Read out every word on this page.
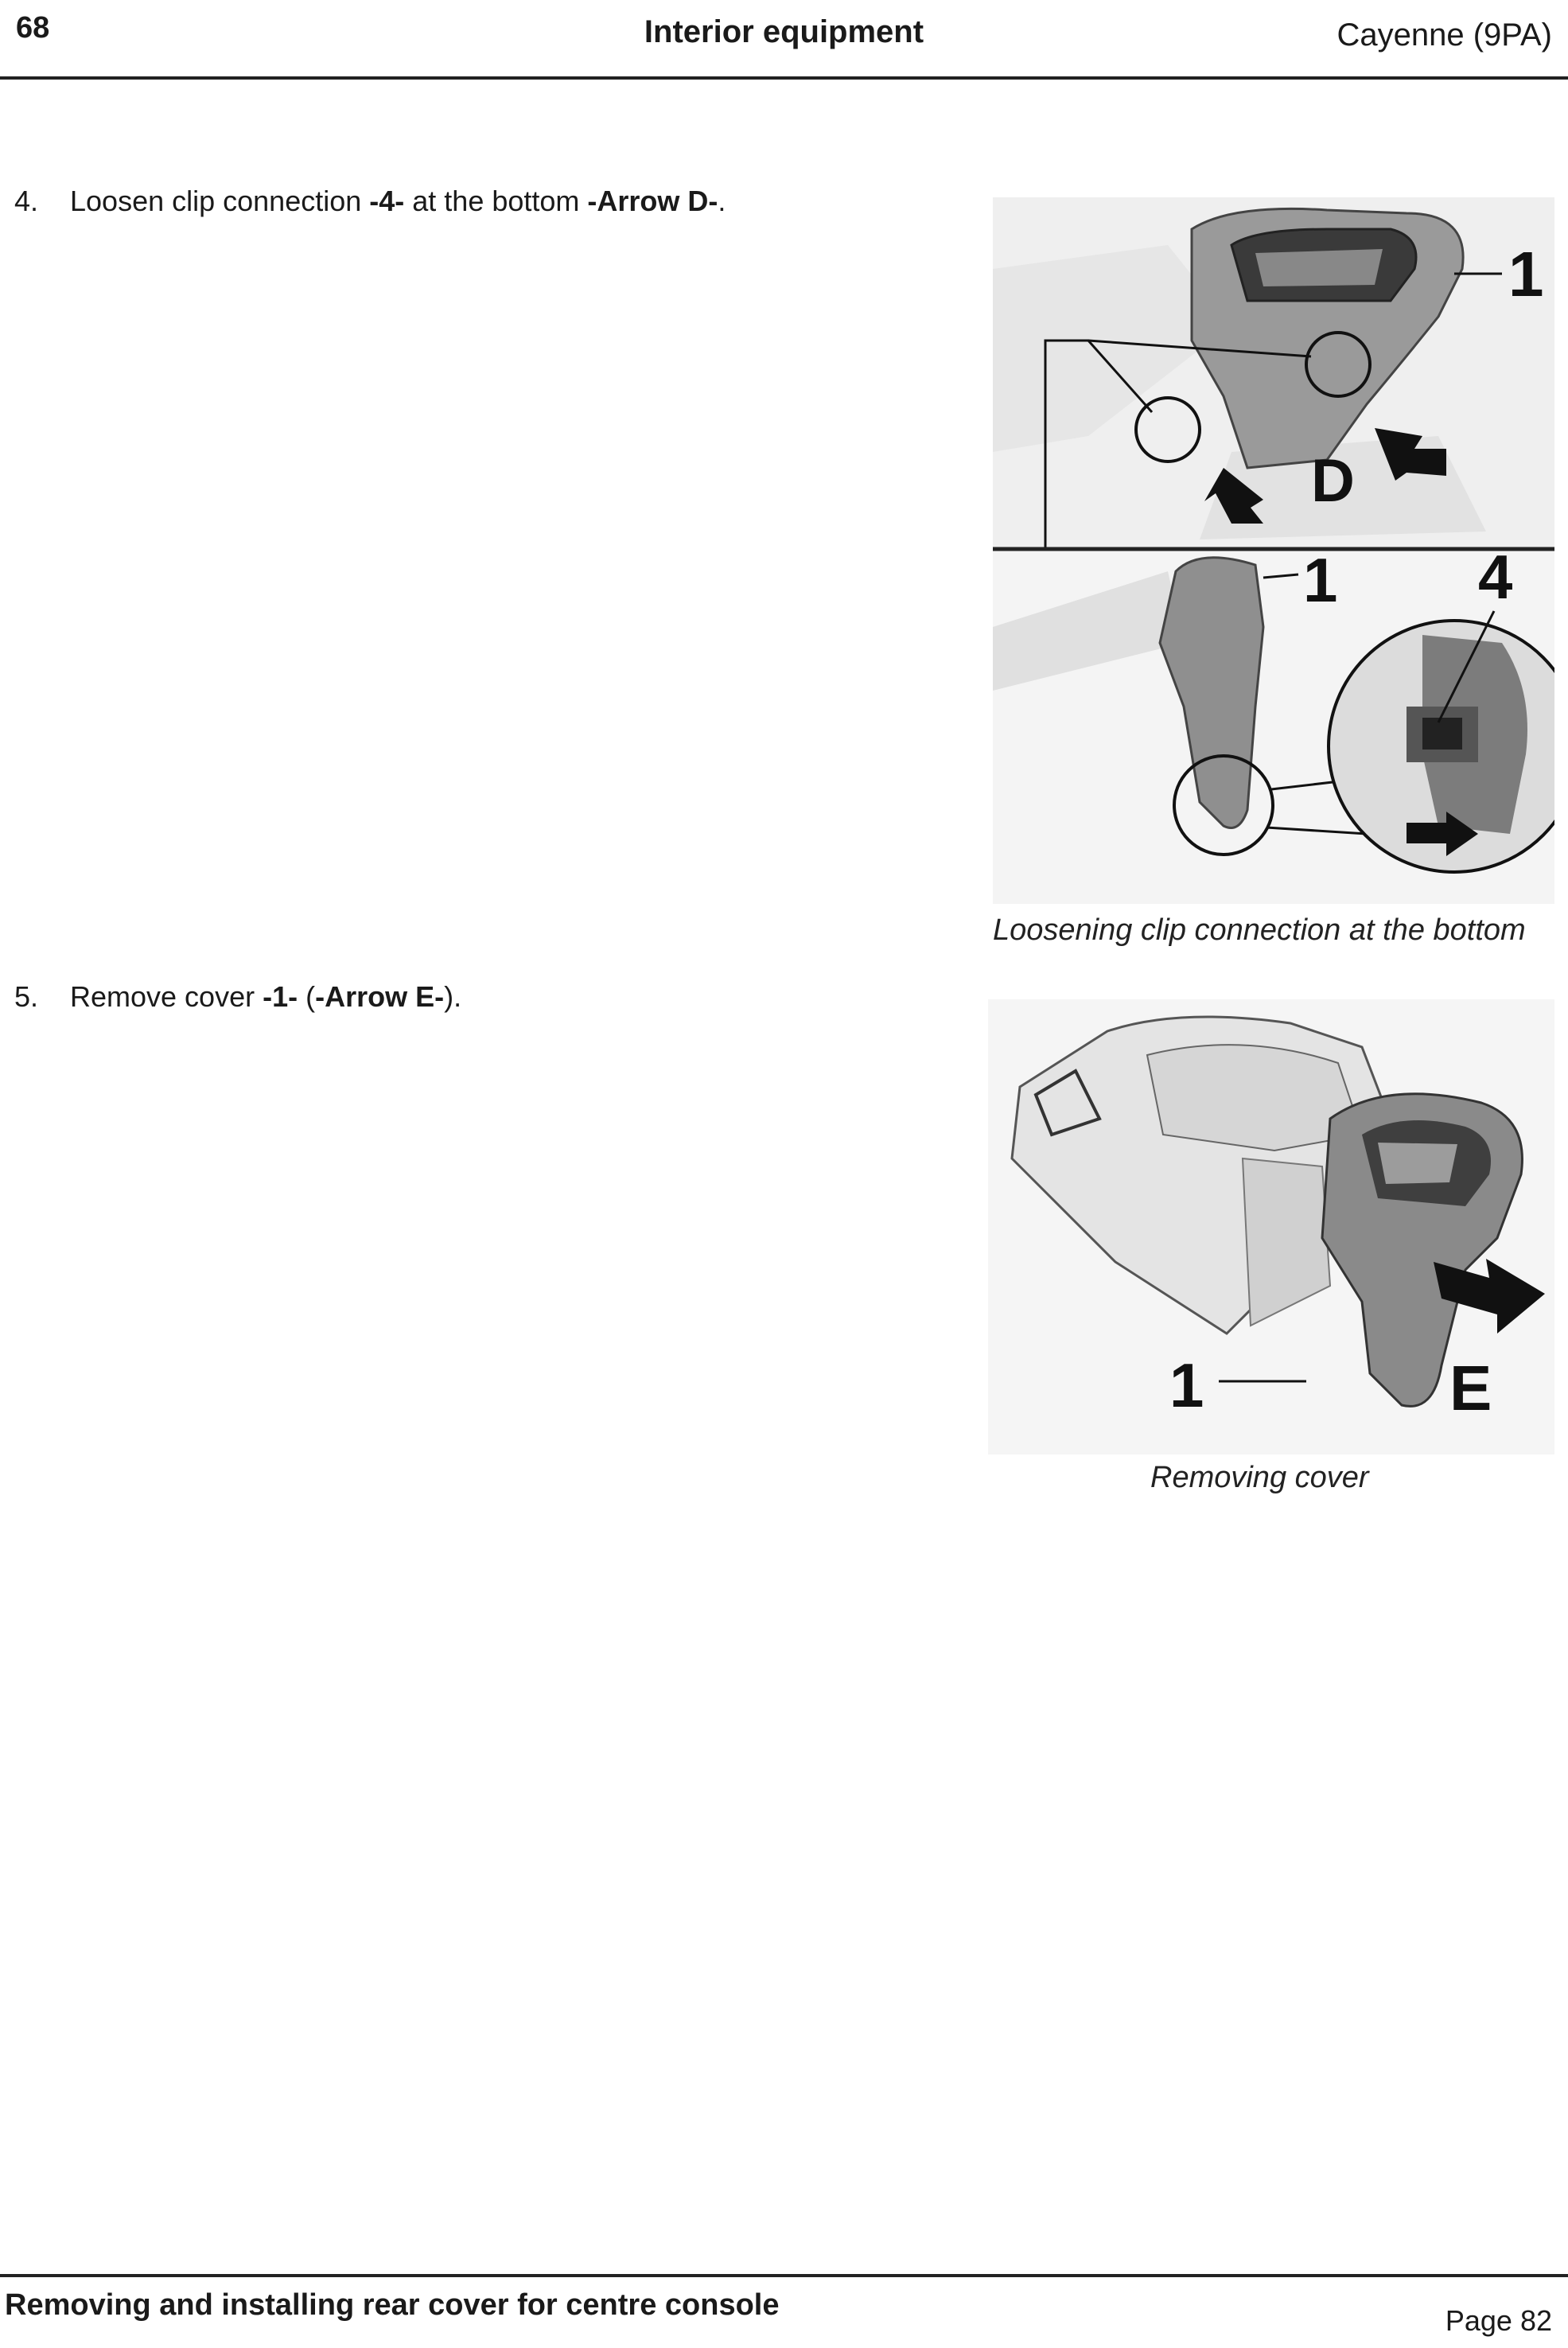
68	Interior equipment	Cayenne (9PA)
4. Loosen clip connection -4- at the bottom -Arrow D-.
1
D
1 4
Loosening clip connection at the bottom
5. Remove cover -1- (-Arrow E-).
1	E
Removing cover
Removing and installing rear cover for centre console	Page 82
